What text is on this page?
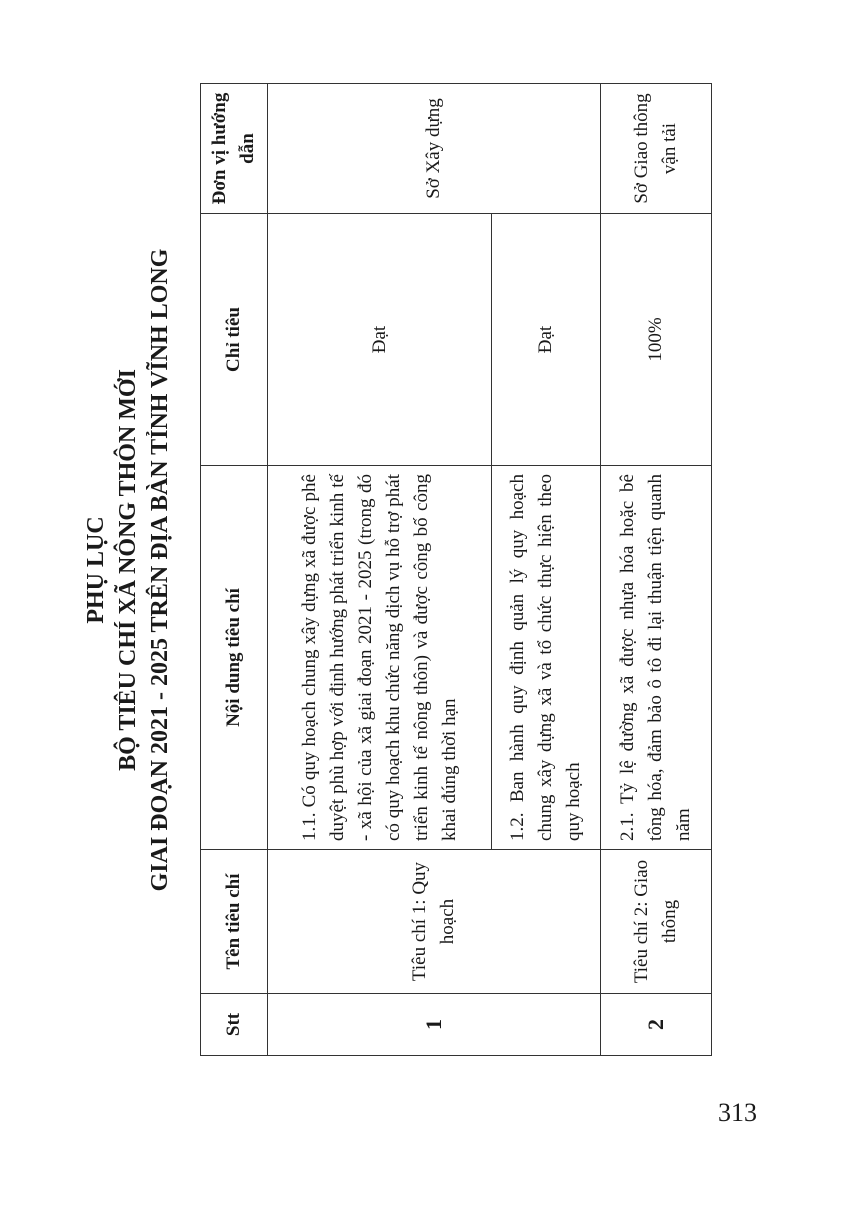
PHỤ LỤC BỘ TIÊU CHÍ XÃ NÔNG THÔN MỚI GIAI ĐOẠN 2021 - 2025 TRÊN ĐỊA BÀN TỈNH VĨNH LONG
Stt	Tên tiêu chí	Nội dung tiêu chí	Chỉ tiêu	Đơn vị hướng dẫn
1	Tiêu chí 1: Quy hoạch	1.1. Có quy hoạch chung xây dựng xã được phê duyệt phù hợp với định hướng phát triển kinh tế - xã hội của xã giai đoạn 2021 - 2025 (trong đó có quy hoạch khu chức năng dịch vụ hỗ trợ phát triển kinh tế nông thôn) và được công bố công khai đúng thời hạn	Đạt	Sở Xây dựng
		1.2. Ban hành quy định quản lý quy hoạch chung xây dựng xã và tổ chức thực hiện theo quy hoạch	Đạt	
2	Tiêu chí 2: Giao thông	2.1. Tỷ lệ đường xã được nhựa hóa hoặc bê tông hóa, đảm bảo ô tô đi lại thuận tiện quanh năm	100%	Sở Giao thông vận tải
313
